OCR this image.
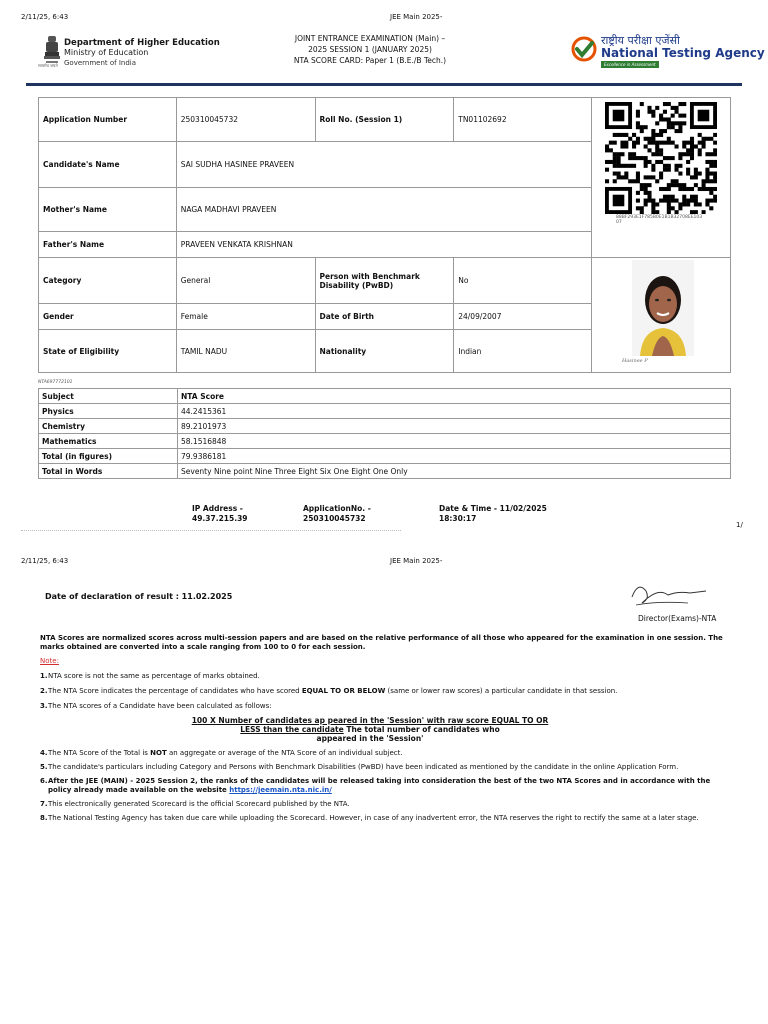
2/11/25, 6:43	JEE Main 2025-
सत्यमेव जयते
Department of Higher Education
Ministry of Education
Government of India
JOINT ENTRANCE EXAMINATION (Main) –
2025 SESSION 1 (JANUARY 2025)
NTA SCORE CARD: Paper 1 (B.E./B Tech.)
राष्ट्रीय परीक्षा एजेंसी
National Testing Agency
Excellence in Assessment
Application Number	250310045732	Roll No. (Session 1)	TN01102692	88BF293E1F785B0E1B1B32708EE103
07

Candidate's Name	SAI SUDHA HASINEE PRAVEEN			
Mother's Name	NAGA MADHAVI PRAVEEN			
Father's Name	PRAVEEN VENKATA KRISHNAN			
Category	General	Person with Benchmark Disability (PwBD)	No	Hasinee P

Gender	Female	Date of Birth	24/09/2007	
State of Eligibility	TAMIL NADU	Nationality	Indian	
NTA697772101
Subject	NTA Score
Physics	44.2415361
Chemistry	89.2101973
Mathematics	58.1516848
Total (in figures)	79.9386181
Total in Words	Seventy Nine point Nine Three Eight Six One Eight One Only
IP Address -
49.37.215.39
ApplicationNo. -
250310045732
Date & Time - 11/02/2025
18:30:17
1/
2/11/25, 6:43	JEE Main 2025-
Date of declaration of result : 11.02.2025
Director(Exams)-NTA
NTA Scores are normalized scores across multi-session papers and are based on the relative performance of all those who appeared for the examination in one session. The marks obtained are converted into a scale ranging from 100 to 0 for each session.
Note:
1. NTA score is not the same as percentage of marks obtained.
2. The NTA Score indicates the percentage of candidates who have scored EQUAL TO OR BELOW (same or lower raw scores) a particular candidate in that session.
3. The NTA scores of a Candidate have been calculated as follows:
100 X Number of candidates ap peared in the 'Session' with raw score EQUAL TO OR
LESS than the candidate The total number of candidates who
appeared in the 'Session'
4. The NTA Score of the Total is NOT an aggregate or average of the NTA Score of an individual subject.
5. The candidate's particulars including Category and Persons with Benchmark Disabilities (PwBD) have been indicated as mentioned by the candidate in the online Application Form.
6. After the JEE (MAIN) - 2025 Session 2, the ranks of the candidates will be released taking into consideration the best of the two NTA Scores and in accordance with the policy already made available on the website https://jeemain.nta.nic.in/
7. This electronically generated Scorecard is the official Scorecard published by the NTA.
8. The National Testing Agency has taken due care while uploading the Scorecard. However, in case of any inadvertent error, the NTA reserves the right to rectify the same at a later stage.
